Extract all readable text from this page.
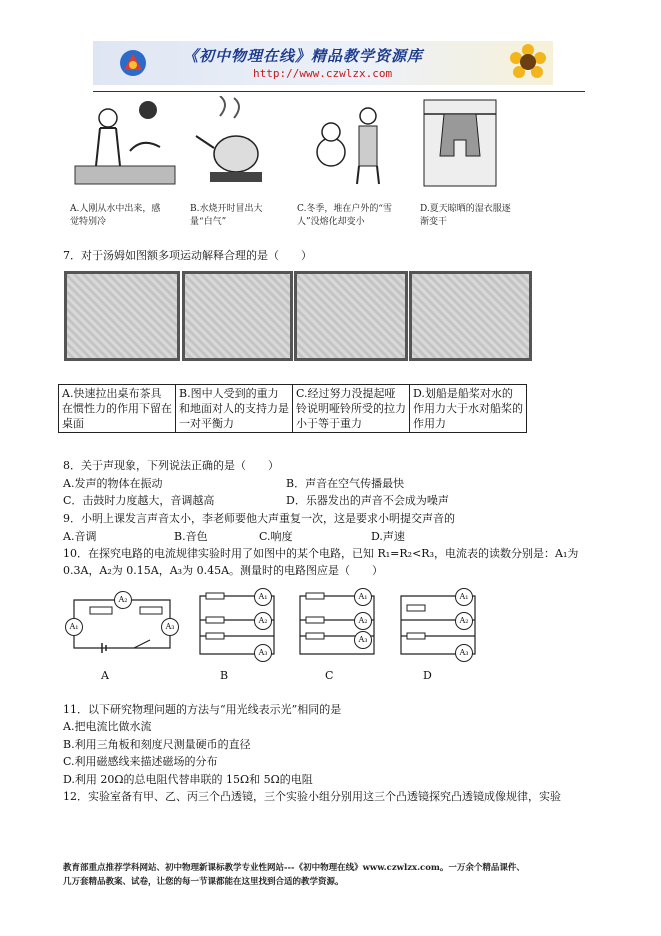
《初中物理在线》精品教学资源库
http://www.czwlzx.com
A.人刚从水中出来，感觉特别冷
B.水烧开时冒出大量“白气”
C.冬季，堆在户外的“雪人”没熔化却变小
D.夏天晾晒的湿衣服逐渐变干
7．对于汤姆如图额多项运动解释合理的是（　　）
A.快速拉出桌布茶具在惯性力的作用下留在桌面	B.图中人受到的重力和地面对人的支持力是一对平衡力	C.经过努力没提起哑铃说明哑铃所受的拉力小于等于重力	D.划船是船桨对水的作用力大于水对船桨的作用力
8．关于声现象，下列说法正确的是（　　）
A.发声的物体在振动	B．声音在空气传播最快
C．击鼓时力度越大，音调越高	D．乐器发出的声音不会成为噪声
9．小明上课发言声音太小，李老师要他大声重复一次，这是要求小明提交声音的
A.音调	B.音色	C.响度	D.声速
10．在探究电路的电流规律实验时用了如图中的某个电路，已知 R₁=R₂<R₃，电流表的读数分别是：A₁为
0.3A，A₂为 0.15A，A₃为 0.45A。测量时的电路图应是（　　）
A₂
A₁	A₃
A
A₁
A₂
A₃
B
A₁
A₂
A₃
C
A₁
A₂
A₃
D
11．以下研究物理问题的方法与“用光线表示光”相同的是
A.把电流比做水流
B.利用三角板和刻度尺测量硬币的直径
C.利用磁感线来描述磁场的分布
D.利用 20Ω的总电阻代替串联的 15Ω和 5Ω的电阻
12．实验室备有甲、乙、丙三个凸透镜，三个实验小组分别用这三个凸透镜探究凸透镜成像规律，实验
教育部重点推荐学科网站、初中物理新课标教学专业性网站---《初中物理在线》www.czwlzx.com。一万余个精品课件、
几万套精品教案、试卷，让您的每一节课都能在这里找到合适的教学资源。
